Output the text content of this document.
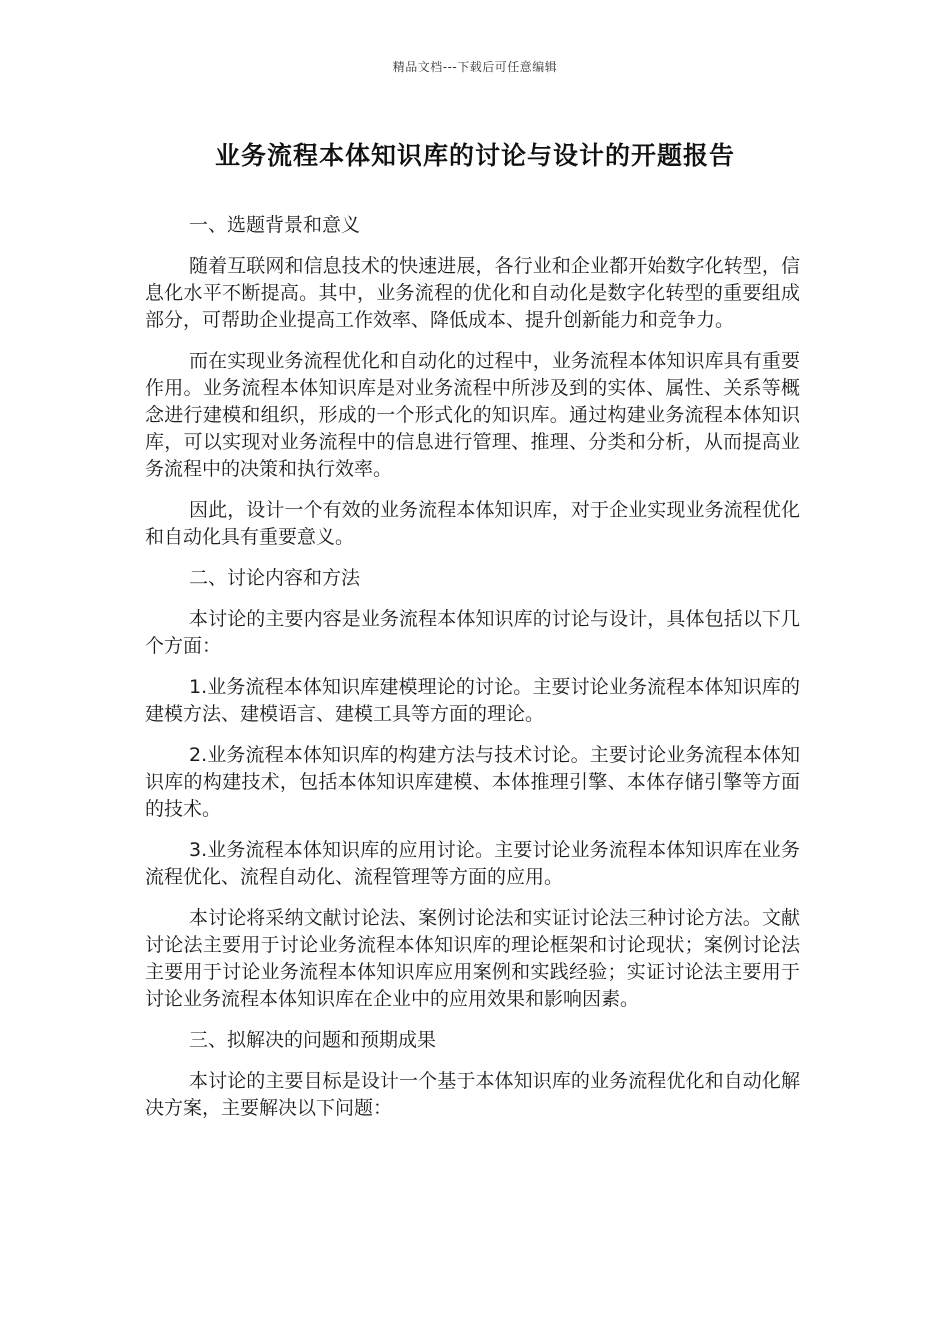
精品文档---下载后可任意编辑
业务流程本体知识库的讨论与设计的开题报告
一、选题背景和意义

随着互联网和信息技术的快速进展，各行业和企业都开始数字化转型，信息化水平不断提高。其中，业务流程的优化和自动化是数字化转型的重要组成部分，可帮助企业提高工作效率、降低成本、提升创新能力和竞争力。

而在实现业务流程优化和自动化的过程中，业务流程本体知识库具有重要作用。业务流程本体知识库是对业务流程中所涉及到的实体、属性、关系等概念进行建模和组织，形成的一个形式化的知识库。通过构建业务流程本体知识库，可以实现对业务流程中的信息进行管理、推理、分类和分析，从而提高业务流程中的决策和执行效率。

因此，设计一个有效的业务流程本体知识库，对于企业实现业务流程优化和自动化具有重要意义。

二、讨论内容和方法

本讨论的主要内容是业务流程本体知识库的讨论与设计，具体包括以下几个方面：

1.业务流程本体知识库建模理论的讨论。主要讨论业务流程本体知识库的建模方法、建模语言、建模工具等方面的理论。

2.业务流程本体知识库的构建方法与技术讨论。主要讨论业务流程本体知识库的构建技术，包括本体知识库建模、本体推理引擎、本体存储引擎等方面的技术。

3.业务流程本体知识库的应用讨论。主要讨论业务流程本体知识库在业务流程优化、流程自动化、流程管理等方面的应用。

本讨论将采纳文献讨论法、案例讨论法和实证讨论法三种讨论方法。文献讨论法主要用于讨论业务流程本体知识库的理论框架和讨论现状；案例讨论法主要用于讨论业务流程本体知识库应用案例和实践经验；实证讨论法主要用于讨论业务流程本体知识库在企业中的应用效果和影响因素。

三、拟解决的问题和预期成果

本讨论的主要目标是设计一个基于本体知识库的业务流程优化和自动化解决方案，主要解决以下问题：
